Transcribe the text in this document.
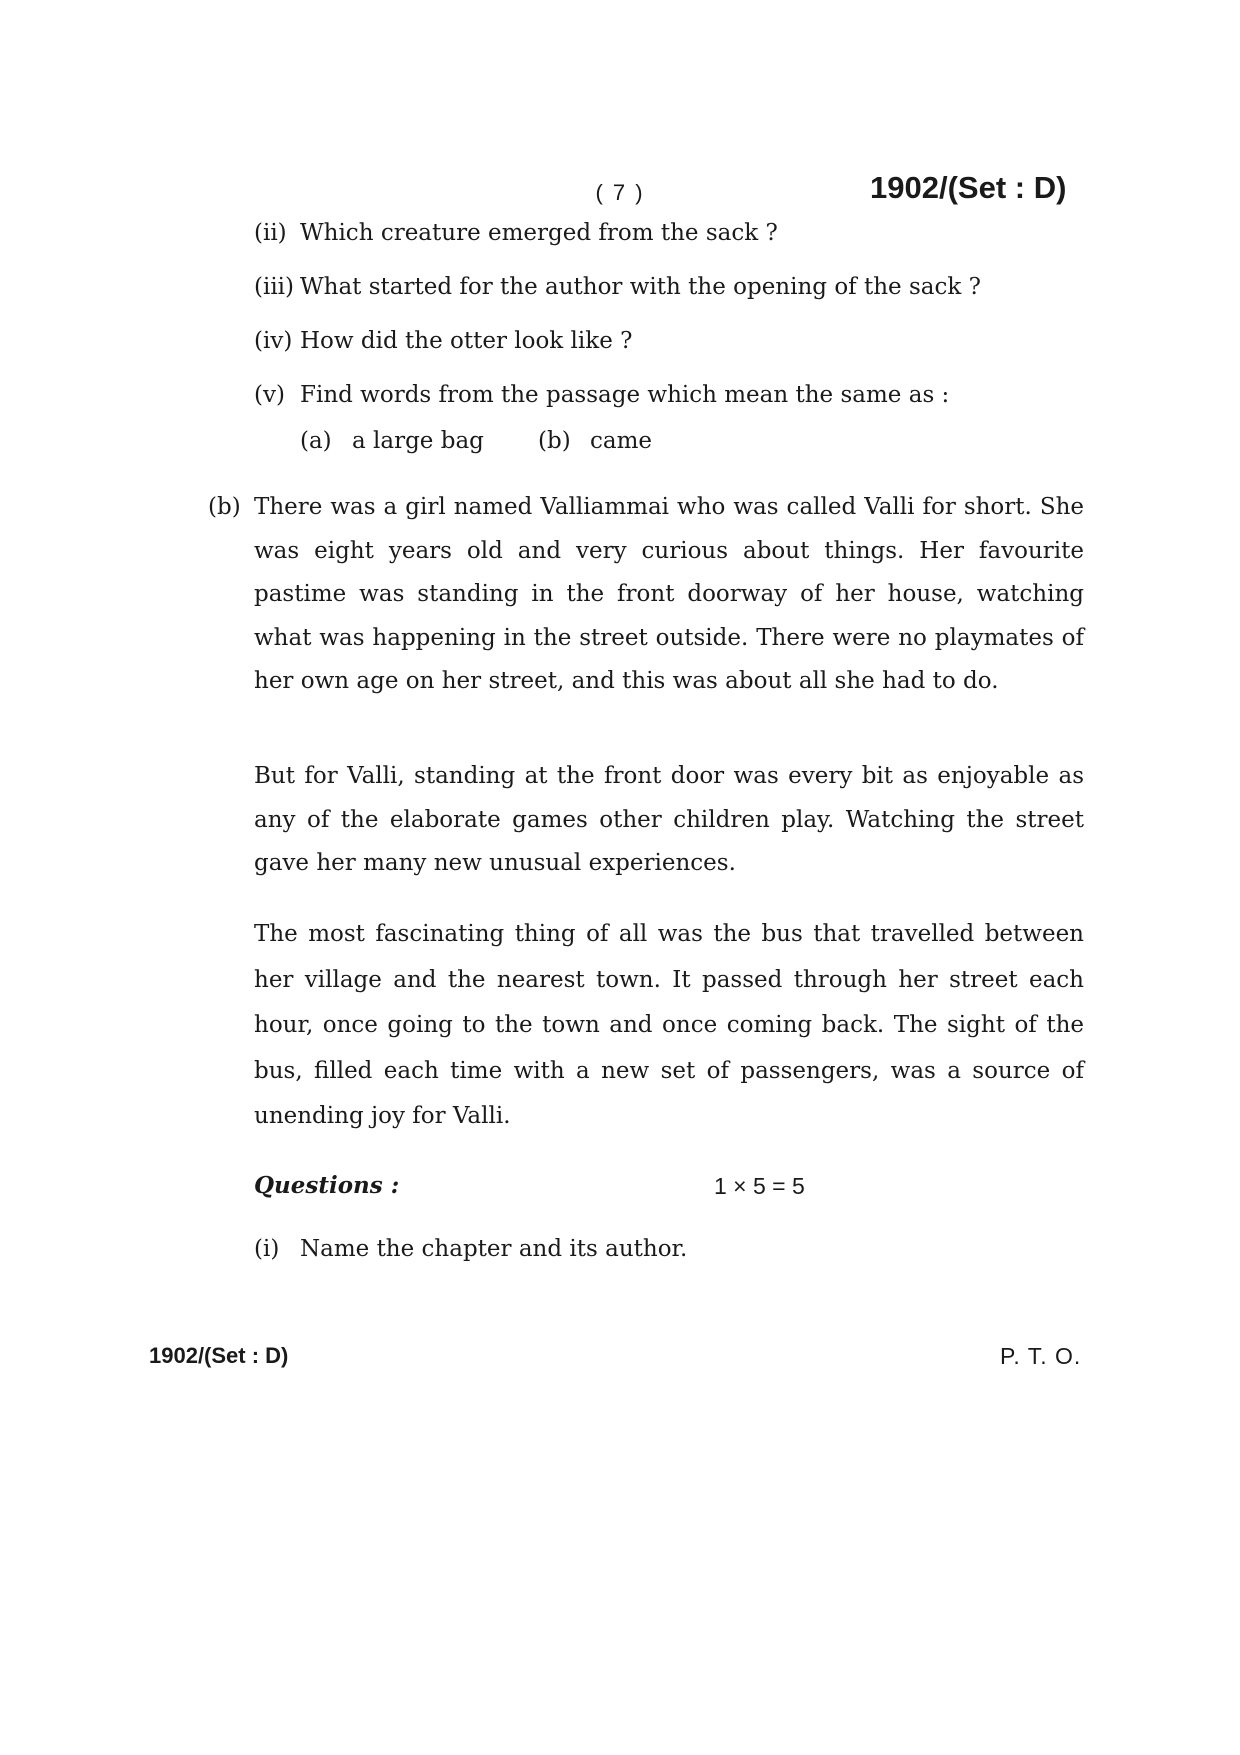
( 7 )	1902/(Set : D)
(ii) Which creature emerged from the sack ?
(iii) What started for the author with the opening of the sack ?
(iv) How did the otter look like ?
(v) Find words from the passage which mean the same as :
(a) a large bag (b) came
(b) There was a girl named Valliammai who was called Valli for short. She was eight years old and very curious about things. Her favourite pastime was standing in the front doorway of her house, watching what was happening in the street outside. There were no playmates of her own age on her street, and this was about all she had to do.
But for Valli, standing at the front door was every bit as enjoyable as any of the elaborate games other children play. Watching the street gave her many new unusual experiences.
The most fascinating thing of all was the bus that travelled between her village and the nearest town. It passed through her street each hour, once going to the town and once coming back. The sight of the bus, filled each time with a new set of passengers, was a source of unending joy for Valli.
Questions :	1 × 5 = 5
(i) Name the chapter and its author.
1902/(Set : D)	P. T. O.
